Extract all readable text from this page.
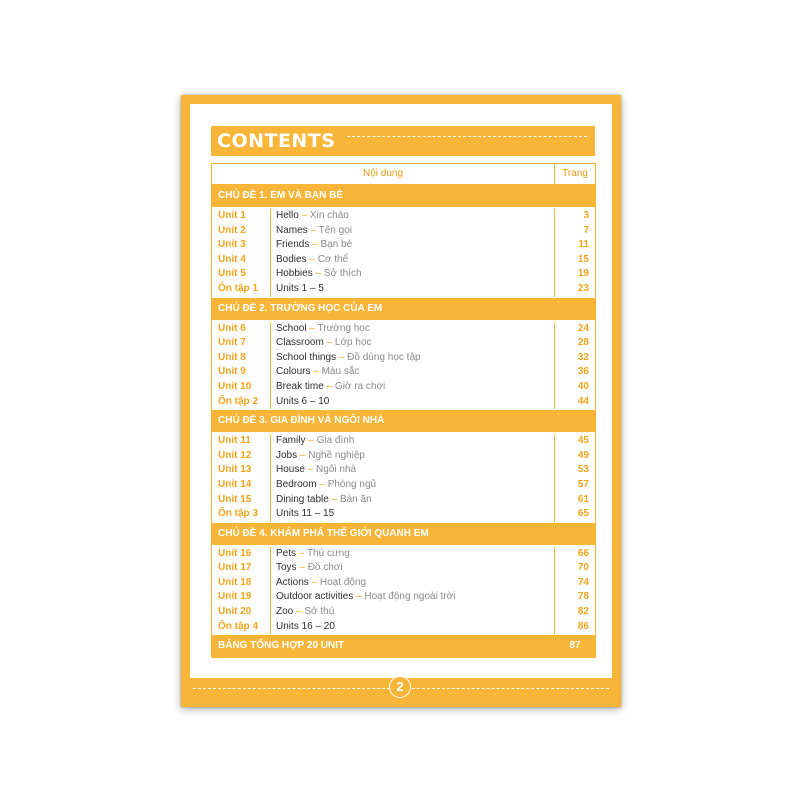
CONTENTS
Nội dung	Trang
CHỦ ĐỀ 1. EM VÀ BẠN BÈ
Unit 1
Unit 2
Unit 3
Unit 4
Unit 5
Ôn tập 1
Hello – Xin chào
Names – Tên gọi
Friends – Bạn bè
Bodies – Cơ thể
Hobbies – Sở thích
Units 1 – 5
3
7
11
15
19
23
CHỦ ĐỀ 2. TRƯỜNG HỌC CỦA EM
Unit 6
Unit 7
Unit 8
Unit 9
Unit 10
Ôn tập 2
School – Trường học
Classroom – Lớp học
School things – Đồ dùng học tập
Colours – Màu sắc
Break time – Giờ ra chơi
Units 6 – 10
24
28
32
36
40
44
CHỦ ĐỀ 3. GIA ĐÌNH VÀ NGÔI NHÀ
Unit 11
Unit 12
Unit 13
Unit 14
Unit 15
Ôn tập 3
Family – Gia đình
Jobs – Nghề nghiệp
House – Ngôi nhà
Bedroom – Phòng ngủ
Dining table – Bàn ăn
Units 11 – 15
45
49
53
57
61
65
CHỦ ĐỀ 4. KHÁM PHÁ THẾ GIỚI QUANH EM
Unit 16
Unit 17
Unit 18
Unit 19
Unit 20
Ôn tập 4
Pets – Thú cưng
Toys – Đồ chơi
Actions – Hoạt động
Outdoor activities – Hoạt động ngoài trời
Zoo – Sở thú
Units 16 – 20
66
70
74
78
82
86
BẢNG TỔNG HỢP 20 UNIT	87
2
